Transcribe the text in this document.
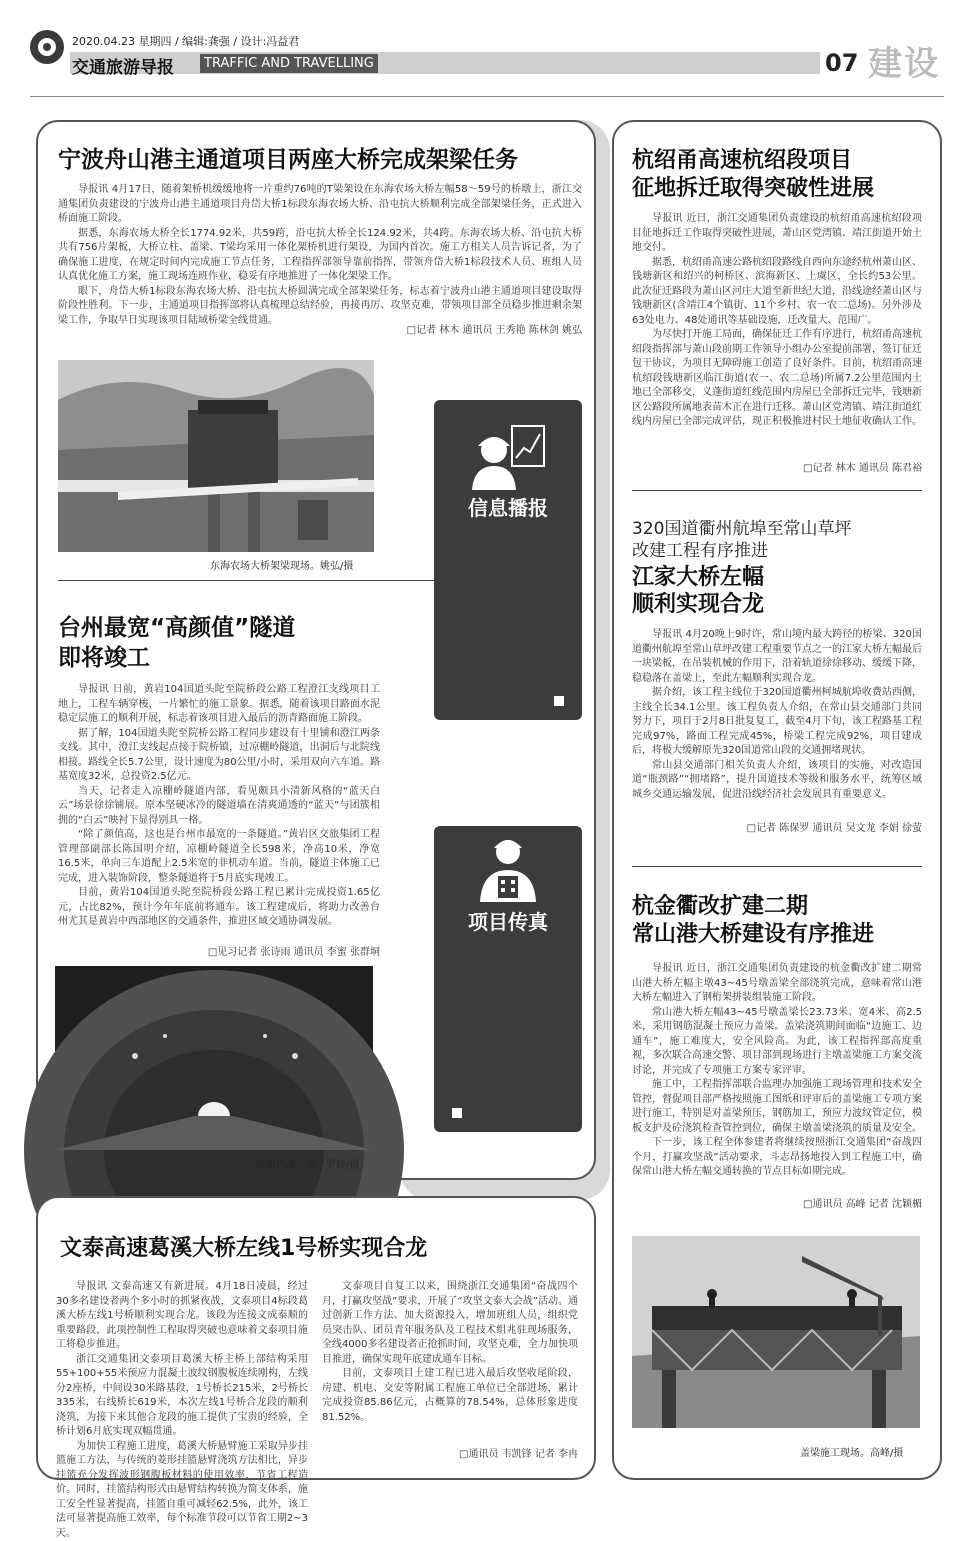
2020.04.23 星期四 / 编辑:龚强 / 设计:冯益君
交通旅游导报	TRAFFIC AND TRAVELLING	07 建设
宁波舟山港主通道项目两座大桥完成架梁任务

导报讯 4月17日，随着架桥机缓缓地将一片重约76吨的T梁架设在东海农场大桥左幅58～59号的桥墩上，浙江交通集团负责建设的宁波舟山港主通道项目舟岱大桥1标段东海农场大桥、沿屯抗大桥顺利完成全部架梁任务，正式进入桥面施工阶段。

据悉，东海农场大桥全长1774.92米，共59跨，沿屯抗大桥全长124.92米，共4跨。东海农场大桥、沿屯抗大桥共有756片架板，大桥立柱、盖梁、T梁均采用一体化架桥机进行架设，为国内首次。施工方相关人员告诉记者，为了确保施工进度，在规定时间内完成施工节点任务，工程指挥部领导靠前指挥，带领舟岱大桥1标段技术人员、班组人员认真优化施工方案，施工现场连班作业，稳妥有序地推进了一体化架梁工作。

眼下，舟岱大桥1标段东海农场大桥、沿屯抗大桥圆满完成全部架梁任务，标志着宁波舟山港主通道项目建设取得阶段性胜利。下一步，主通道项目指挥部将认真梳理总结经验，再接再厉、攻坚克难，带领项目部全员稳步推进剩余架梁工作，争取早日实现该项目陆域桥梁全线贯通。

□记者 林木 通讯员 王秀艳 陈林剑 姚弘
东海农场大桥架梁现场。姚弘/摄
台州最宽“高颜值”隧道
即将竣工

导报讯 日前，黄岩104国道头陀至院桥段公路工程澄江支线项目工地上，工程车辆穿梭，一片繁忙的施工景象。据悉，随着该项目路面水泥稳定层施工的顺利开展，标志着该项目进入最后的沥青路面施工阶段。

据了解，104国道头陀至院桥公路工程同步建设有十里铺和澄江两条支线。其中，澄江支线起点接于院桥镇，过凉棚岭隧道，出洞后与北院线相接。路线全长5.7公里，设计速度为80公里/小时，采用双向六车道。路基宽度32米，总投资2.5亿元。

当天，记者走入凉棚岭隧道内部，看见颇具小清新风格的“蓝天白云”场景徐徐铺展。原本坚硬冰冷的隧道墙在清爽通透的“蓝天”与团簇相拥的“白云”映衬下显得别具一格。

“除了颜值高，这也是台州市最宽的一条隧道。”黄岩区交旅集团工程管理部副部长陈国明介绍，凉棚岭隧道全长598米，净高10米，净宽16.5米，单向三车道配上2.5米宽的非机动车道。当前，隧道主体施工已完成，进入装饰阶段，整条隧道将于5月底实现竣工。

目前，黄岩104国道头陀至院桥段公路工程已累计完成投资1.65亿元，占比82%，预计今年年底前将通车。该工程建成后，将助力改善台州尤其是黄岩中西部地区的交通条件，推进区域交通协调发展。

□见习记者 张诗雨 通讯员 李蜜 张群垌
隧道内部一景。罗玲/摄
信息播报
项目传真
杭绍甬高速杭绍段项目
征地拆迁取得突破性进展

导报讯 近日，浙江交通集团负责建设的杭绍甬高速杭绍段项目征地拆迁工作取得突破性进展，萧山区党湾镇、靖江街道开始土地交付。

据悉，杭绍甬高速公路杭绍段路线自西向东途经杭州萧山区、钱塘新区和绍兴的柯桥区、滨海新区、上虞区，全长约53公里。此次征迁路段为萧山区河庄大道至新世纪大道，沿线途经萧山区与钱塘新区(含靖江4个镇街、11个乡村、农一农二总场)。另外涉及63处电力、48处通讯等基础设施，迁改量大、范围广。

为尽快打开施工局面，确保征迁工作有序进行，杭绍甬高速杭绍段指挥部与萧山段前期工作领导小组办公室提前部署，签订征迁包干协议，为项目无障碍施工创造了良好条件。目前，杭绍甬高速杭绍段钱塘新区临江街道(农一、农二总场)所属7.2公里范围内土地已全部移交，义蓬街道红线范围内房屋已全部拆迁完毕，钱塘新区公路段所属地表苗木正在进行迁移。萧山区党湾镇、靖江街道红线内房屋已全部完成评估，现正积极推进村民土地征收确认工作。

□记者 林木 通讯员 陈君裕
320国道衢州航埠至常山草坪
改建工程有序推进
江家大桥左幅
顺利实现合龙

导报讯 4月20晚上9时许，常山境内最大跨径的桥梁、320国道衢州航埠至常山草坪改建工程重要节点之一的江家大桥左幅最后一块梁板，在吊装机械的作用下，沿着轨道徐徐移动、缓缓下降，稳稳落在盖梁上，至此左幅顺利实现合龙。

据介绍，该工程主线位于320国道衢州柯城航埠收费站西侧，主线全长34.1公里。该工程负责人介绍，在常山县交通部门共同努力下，项目于2月8日批复复工，截至4月下旬，该工程路基工程完成97%，路面工程完成45%，桥梁工程完成92%，项目建成后，将极大缓解原先320国道常山段的交通拥堵现状。

常山县交通部门相关负责人介绍，该项目的实施，对改造国道“瓶颈路”“拥堵路”，提升国道技术等级和服务水平，统筹区域城乡交通运输发展，促进沿线经济社会发展具有重要意义。

□记者 陈保罗 通讯员 吴文龙 李娟 徐萤
杭金衢改扩建二期
常山港大桥建设有序推进

导报讯 近日，浙江交通集团负责建设的杭金衢改扩建二期常山港大桥左幅主墩43~45号墩盖梁全部浇筑完成，意味着常山港大桥左幅进入了钢桁架拼装组装施工阶段。

常山港大桥左幅43~45号墩盖梁长23.73米、宽4米、高2.5米，采用钢筋混凝土预应力盖梁。盖梁浇筑期间面临“边施工、边通车”，施工难度大，安全风险高。为此，该工程指挥部高度重视，多次联合高速交警、项目部到现场进行主墩盖梁施工方案交流讨论，并完成了专项施工方案专家评审。

施工中，工程指挥部联合监理办加强施工现场管理和技术安全管控，督促项目部严格按照施工图纸和评审后的盖梁施工专项方案进行施工，特别是对盖梁预压，钢筋加工，预应力波纹管定位，模板支护及砼浇筑检查管控到位，确保主墩盖梁浇筑的质量及安全。

下一步，该工程全体参建者将继续按照浙江交通集团“奋战四个月，打赢攻坚战”活动要求，斗志昂扬地投入到工程施工中，确保常山港大桥左幅交通转换的节点目标如期完成。

□通讯员 高峰 记者 沈颖楣
盖梁施工现场。高峰/摄
文泰高速葛溪大桥左线1号桥实现合龙

导报讯 文泰高速又有新进展。4月18日凌晨，经过30多名建设者两个多小时的抓紧夜战，文泰项目4标段葛溪大桥左线1号桥顺利实现合龙。该段为连接文成泰顺的重要路段，此项控制性工程取得突破也意味着文泰项目施工将稳步推进。

浙江交通集团文泰项目葛溪大桥主桥上部结构采用55+100+55米预应力混凝土波纹钢腹板连续刚构，左线分2座桥，中间设30米路基段，1号桥长215米，2号桥长335米，右线桥长619米，本次左线1号桥合龙段的顺利浇筑，为接下来其他合龙段的施工提供了宝贵的经验，全桥计划6月底实现双幅贯通。

为加快工程施工进度，葛溪大桥悬臂施工采取异步挂篮施工方法，与传统的菱形挂篮悬臂浇筑方法相比，异步挂篮充分发挥波形钢腹板材料的使用效率，节省工程造价。同时，挂篮结构形式由悬臂结构转换为简支体系，施工安全性显著提高，挂篮自重可减轻62.5%，此外，该工法可显著提高施工效率，每个标准节段可以节省工期2~3天。

文泰项目自复工以来，围绕浙江交通集团“奋战四个月，打赢攻坚战”要求，开展了“攻坚文泰大会战”活动。通过创新工作方法、加大资源投入，增加班组人员，组织党员突击队、团员青年服务队及工程技术组兆驻现场服务，全线4000多名建设者正抢抓时间，攻坚克难，全力加快项目推进，确保实现年底建成通车目标。

目前，文泰项目土建工程已进入最后攻坚收尾阶段，房建、机电、交安等附属工程施工单位已全部进场，累计完成投资85.86亿元，占概算的78.54%，总体形象进度81.52%。

□通讯员 韦凯锋 记者 李冉
